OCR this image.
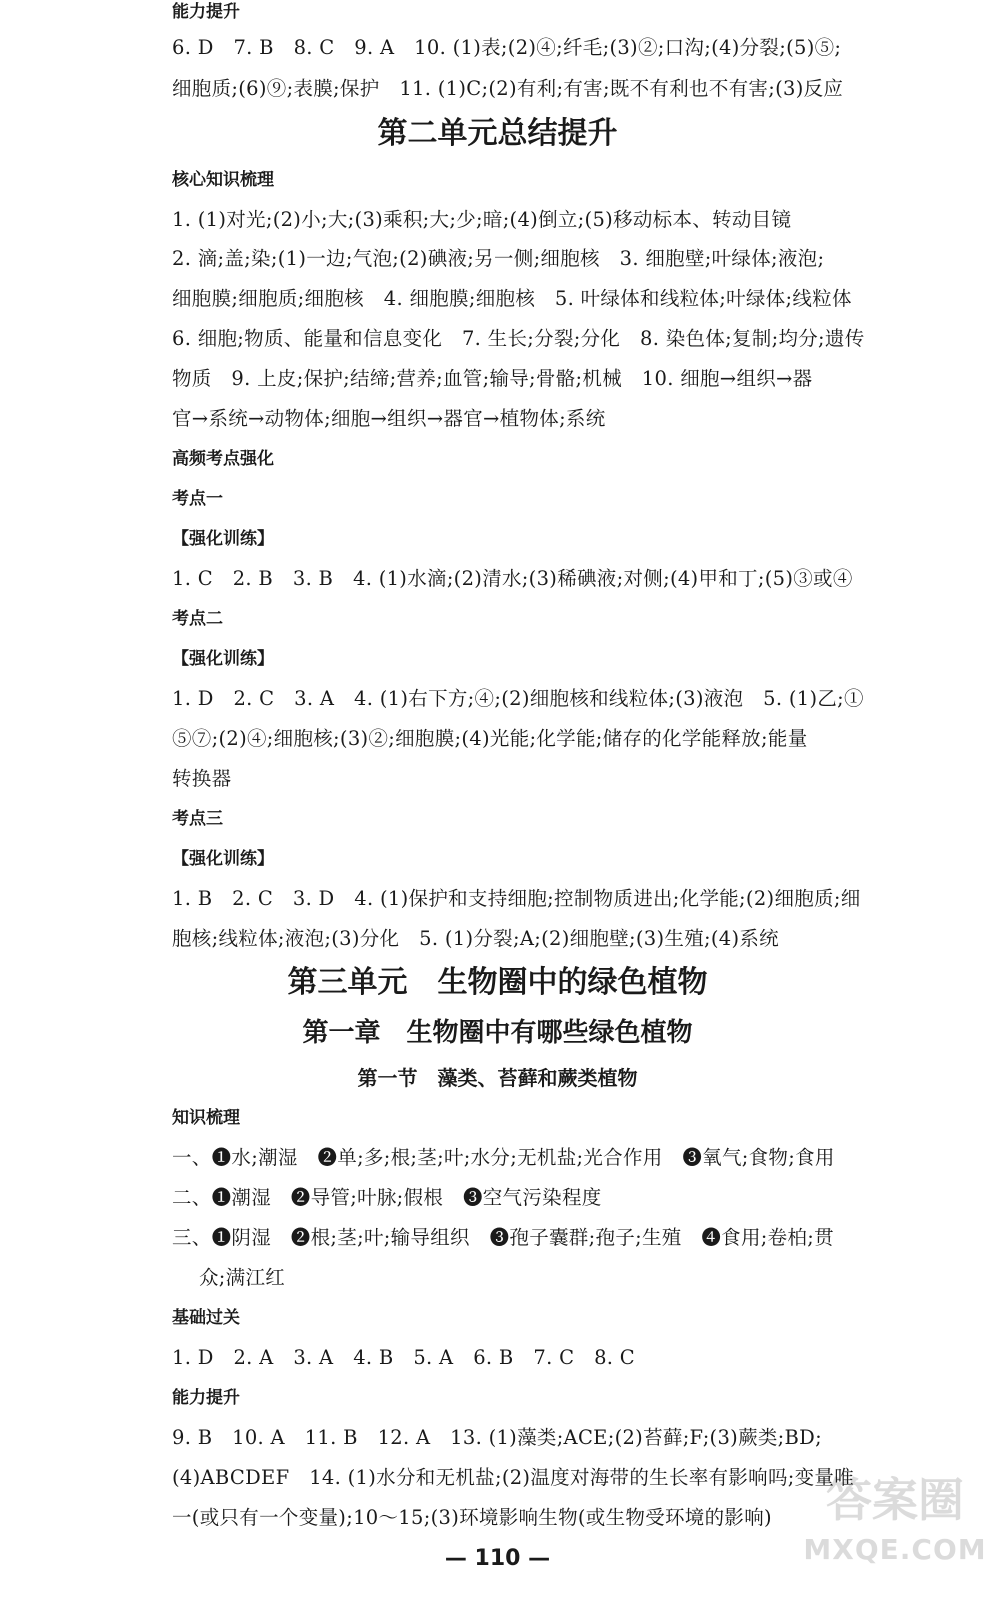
能力提升
6. D　7. B　8. C　9. A　10. (1)表;(2)④;纤毛;(3)②;口沟;(4)分裂;(5)⑤;
细胞质;(6)⑨;表膜;保护　11. (1)C;(2)有利;有害;既不有利也不有害;(3)反应
第二单元总结提升
核心知识梳理
1. (1)对光;(2)小;大;(3)乘积;大;少;暗;(4)倒立;(5)移动标本、转动目镜
2. 滴;盖;染;(1)一边;气泡;(2)碘液;另一侧;细胞核　3. 细胞壁;叶绿体;液泡;
细胞膜;细胞质;细胞核　4. 细胞膜;细胞核　5. 叶绿体和线粒体;叶绿体;线粒体
6. 细胞;物质、能量和信息变化　7. 生长;分裂;分化　8. 染色体;复制;均分;遗传
物质　9. 上皮;保护;结缔;营养;血管;输导;骨骼;机械　10. 细胞→组织→器
官→系统→动物体;细胞→组织→器官→植物体;系统
高频考点强化
考点一
【强化训练】
1. C　2. B　3. B　4. (1)水滴;(2)清水;(3)稀碘液;对侧;(4)甲和丁;(5)③或④
考点二
【强化训练】
1. D　2. C　3. A　4. (1)右下方;④;(2)细胞核和线粒体;(3)液泡　5. (1)乙;①
⑤⑦;(2)④;细胞核;(3)②;细胞膜;(4)光能;化学能;储存的化学能释放;能量
转换器
考点三
【强化训练】
1. B　2. C　3. D　4. (1)保护和支持细胞;控制物质进出;化学能;(2)细胞质;细
胞核;线粒体;液泡;(3)分化　5. (1)分裂;A;(2)细胞壁;(3)生殖;(4)系统
第三单元　生物圈中的绿色植物
第一章　生物圈中有哪些绿色植物
第一节　藻类、苔藓和蕨类植物
知识梳理
一、❶水;潮湿　❷单;多;根;茎;叶;水分;无机盐;光合作用　❸氧气;食物;食用
二、❶潮湿　❷导管;叶脉;假根　❸空气污染程度
三、❶阴湿　❷根;茎;叶;输导组织　❸孢子囊群;孢子;生殖　❹食用;卷柏;贯
众;满江红
基础过关
1. D　2. A　3. A　4. B　5. A　6. B　7. C　8. C
能力提升
9. B　10. A　11. B　12. A　13. (1)藻类;ACE;(2)苔藓;F;(3)蕨类;BD;
(4)ABCDEF　14. (1)水分和无机盐;(2)温度对海带的生长率有影响吗;变量唯
一(或只有一个变量);10～15;(3)环境影响生物(或生物受环境的影响)
— 110 —
答案圈
MXQE.COM
